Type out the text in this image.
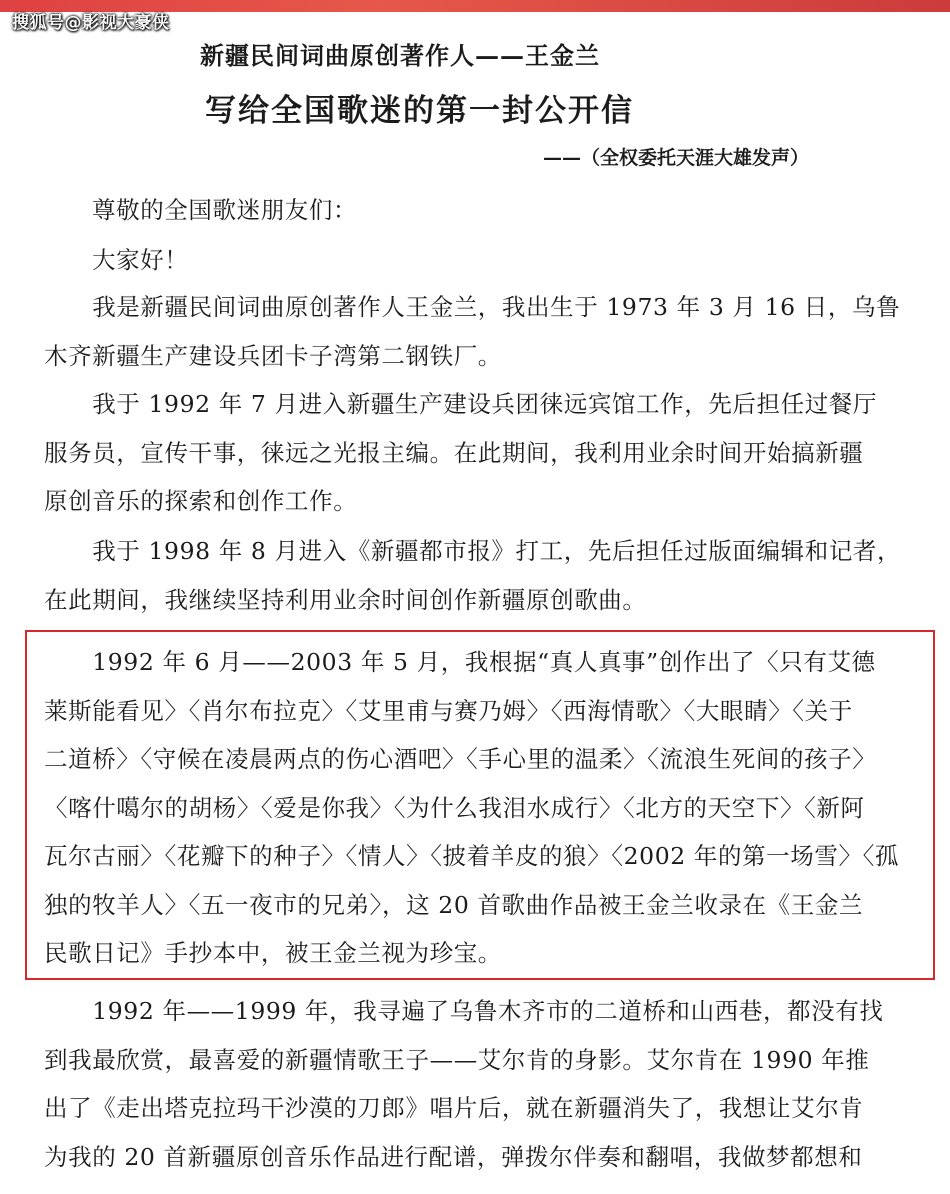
搜狐号@影视大豪侠
新疆民间词曲原创著作人——王金兰
写给全国歌迷的第一封公开信
——（全权委托天涯大雄发声）
尊敬的全国歌迷朋友们：
大家好！
　　我是新疆民间词曲原创著作人王金兰，我出生于 1973 年 3 月 16 日，乌鲁
木齐新疆生产建设兵团卡子湾第二钢铁厂。
　　我于 1992 年 7 月进入新疆生产建设兵团徕远宾馆工作，先后担任过餐厅
服务员，宣传干事，徕远之光报主编。在此期间，我利用业余时间开始搞新疆
原创音乐的探索和创作工作。
　　我于 1998 年 8 月进入《新疆都市报》打工，先后担任过版面编辑和记者，
在此期间，我继续坚持利用业余时间创作新疆原创歌曲。
　　1992 年 6 月——2003 年 5 月，我根据“真人真事”创作出了〈只有艾德
莱斯能看见〉〈肖尔布拉克〉〈艾里甫与赛乃姆〉〈西海情歌〉〈大眼睛〉〈关于
二道桥〉〈守候在凌晨两点的伤心酒吧〉〈手心里的温柔〉〈流浪生死间的孩子〉
〈喀什噶尔的胡杨〉〈爱是你我〉〈为什么我泪水成行〉〈北方的天空下〉〈新阿
瓦尔古丽〉〈花瓣下的种子〉〈情人〉〈披着羊皮的狼〉〈2002 年的第一场雪〉〈孤
独的牧羊人〉〈五一夜市的兄弟〉，这 20 首歌曲作品被王金兰收录在《王金兰
民歌日记》手抄本中，被王金兰视为珍宝。
　　1992 年——1999 年，我寻遍了乌鲁木齐市的二道桥和山西巷，都没有找
到我最欣赏，最喜爱的新疆情歌王子——艾尔肯的身影。艾尔肯在 1990 年推
出了《走出塔克拉玛干沙漠的刀郎》唱片后，就在新疆消失了，我想让艾尔肯
为我的 20 首新疆原创音乐作品进行配谱，弹拨尔伴奏和翻唱，我做梦都想和
